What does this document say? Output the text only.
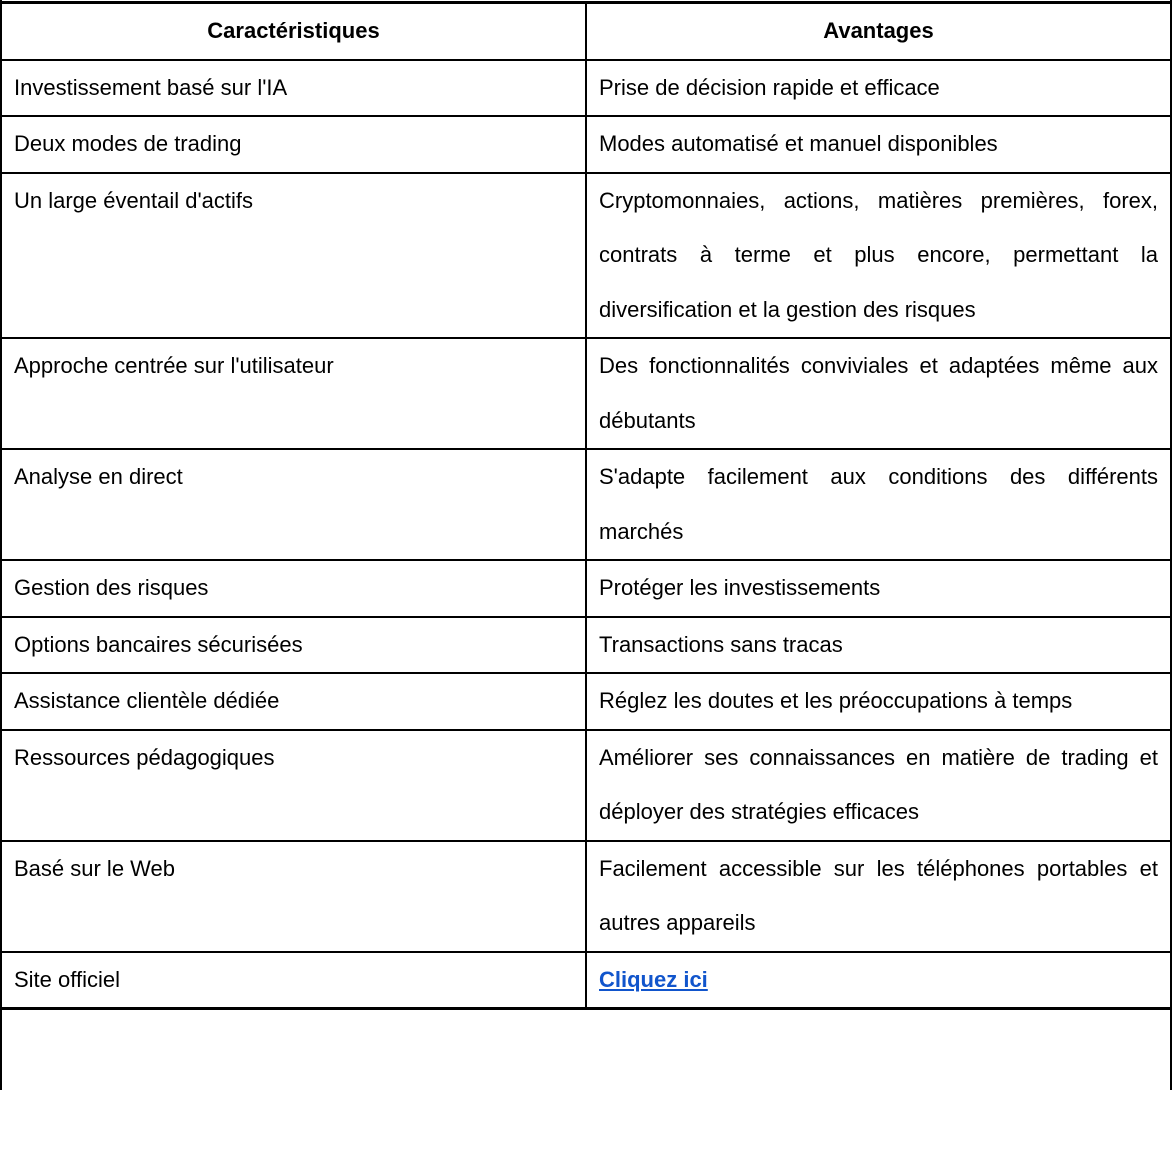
Caractéristiques	Avantages
Investissement basé sur l'IA	Prise de décision rapide et efficace
Deux modes de trading	Modes automatisé et manuel disponibles
Un large éventail d'actifs	Cryptomonnaies, actions, matières premières, forex, contrats à terme et plus encore, permettant la diversification et la gestion des risques
Approche centrée sur l'utilisateur	Des fonctionnalités conviviales et adaptées même aux débutants
Analyse en direct	S'adapte facilement aux conditions des différents marchés
Gestion des risques	Protéger les investissements
Options bancaires sécurisées	Transactions sans tracas
Assistance clientèle dédiée	Réglez les doutes et les préoccupations à temps
Ressources pédagogiques	Améliorer ses connaissances en matière de trading et déployer des stratégies efficaces
Basé sur le Web	Facilement accessible sur les téléphones portables et autres appareils
Site officiel	Cliquez ici
